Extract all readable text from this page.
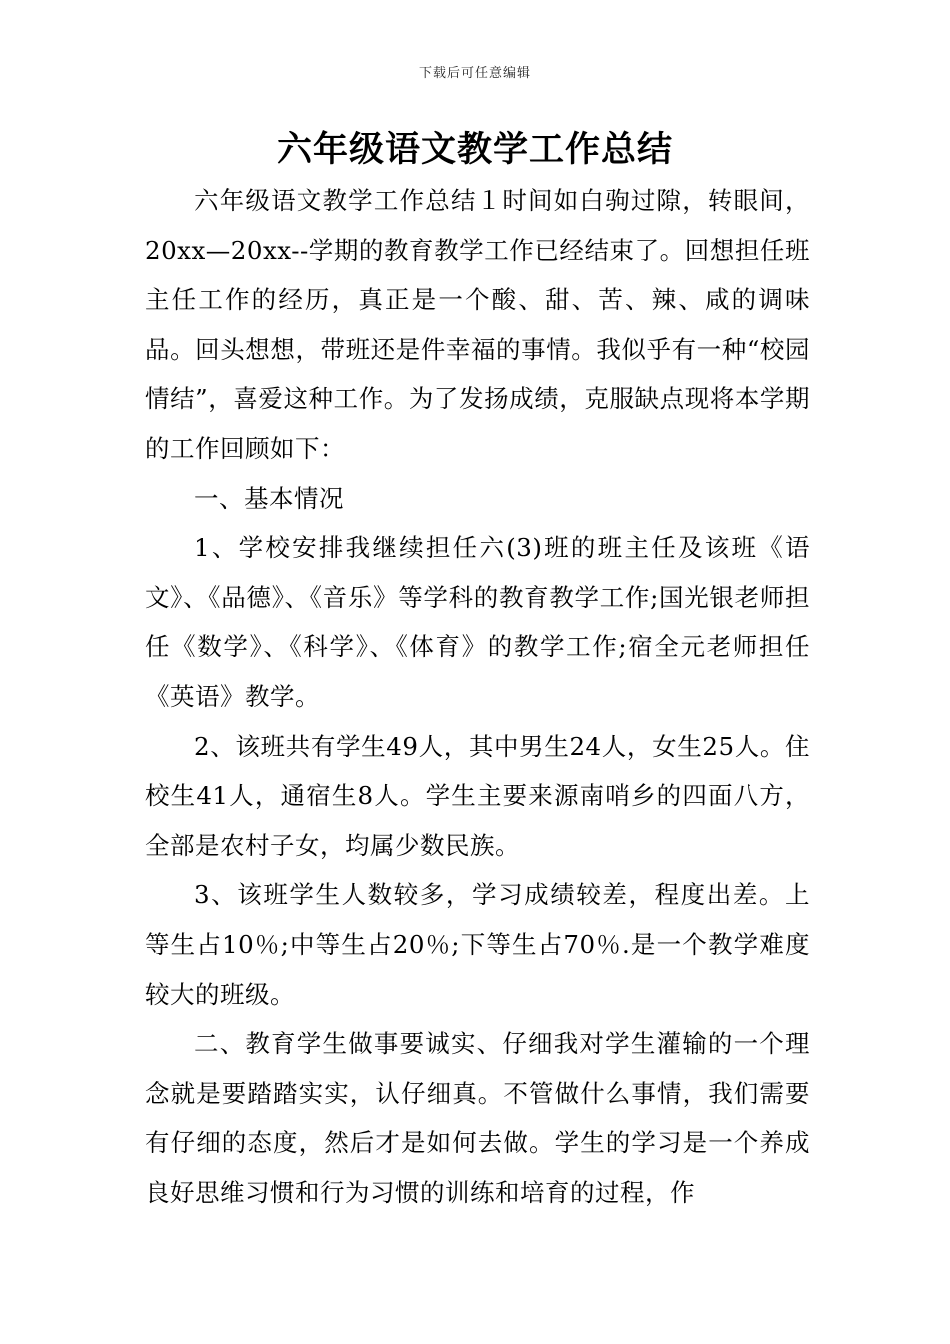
下载后可任意编辑
六年级语文教学工作总结

六年级语文教学工作总结１时间如白驹过隙，转眼间，20xx—20xx--学期的教育教学工作已经结束了。回想担任班主任工作的经历，真正是一个酸、甜、苦、辣、咸的调味品。回头想想，带班还是件幸福的事情。我似乎有一种“校园情结”，喜爱这种工作。为了发扬成绩，克服缺点现将本学期的工作回顾如下：

一、基本情况

1、学校安排我继续担任六(3)班的班主任及该班《语文》、《品德》、《音乐》等学科的教育教学工作;国光银老师担任《数学》、《科学》、《体育》的教学工作;宿全元老师担任《英语》教学。

2、该班共有学生49人，其中男生24人，女生25人。住校生41人，通宿生8人。学生主要来源南哨乡的四面八方，全部是农村子女，均属少数民族。

3、该班学生人数较多，学习成绩较差，程度出差。上等生占10％;中等生占20％;下等生占70％.是一个教学难度较大的班级。

二、教育学生做事要诚实、仔细我对学生灌输的一个理念就是要踏踏实实，认仔细真。不管做什么事情，我们需要有仔细的态度，然后才是如何去做。学生的学习是一个养成良好思维习惯和行为习惯的训练和培育的过程，作
